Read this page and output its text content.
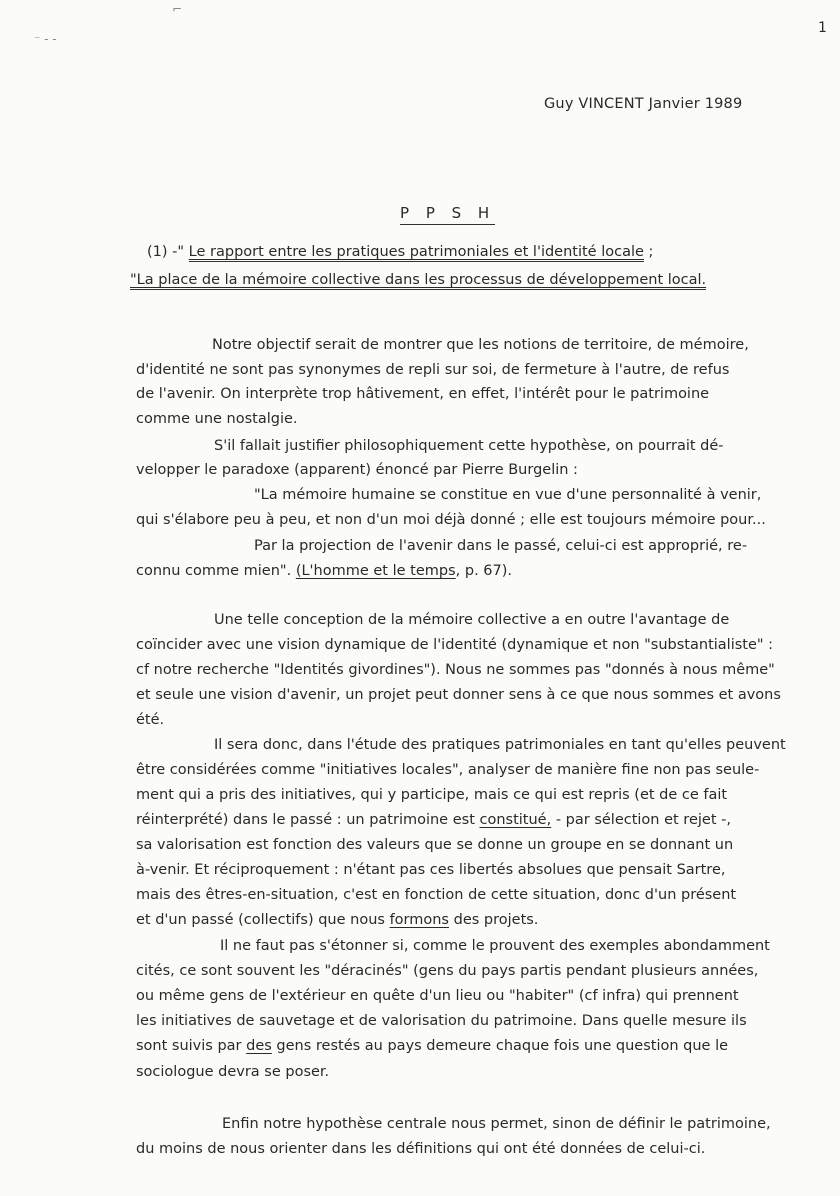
1
Guy VINCENT Janvier 1989
P P S H
(1) -" Le rapport entre les pratiques patrimoniales et l'identité locale ;
"La place de la mémoire collective dans les processus de développement local.
Notre objectif serait de montrer que les notions de territoire, de mémoire,
d'identité ne sont pas synonymes de repli sur soi, de fermeture à l'autre, de refus
de l'avenir. On interprète trop hâtivement, en effet, l'intérêt pour le patrimoine
comme une nostalgie.
S'il fallait justifier philosophiquement cette hypothèse, on pourrait dé-
velopper le paradoxe (apparent) énoncé par Pierre Burgelin :
"La mémoire humaine se constitue en vue d'une personnalité à venir,
qui s'élabore peu à peu, et non d'un moi déjà donné ; elle est toujours mémoire pour...
Par la projection de l'avenir dans le passé, celui-ci est approprié, re-
connu comme mien". (L'homme et le temps, p. 67).
Une telle conception de la mémoire collective a en outre l'avantage de
coïncider avec une vision dynamique de l'identité (dynamique et non "substantialiste" :
cf notre recherche "Identités givordines"). Nous ne sommes pas "donnés à nous même"
et seule une vision d'avenir, un projet peut donner sens à ce que nous sommes et avons
été.
Il sera donc, dans l'étude des pratiques patrimoniales en tant qu'elles peuvent
être considérées comme "initiatives locales", analyser de manière fine non pas seule-
ment qui a pris des initiatives, qui y participe, mais ce qui est repris (et de ce fait
réinterprété) dans le passé : un patrimoine est constitué, - par sélection et rejet -,
sa valorisation est fonction des valeurs que se donne un groupe en se donnant un
à-venir. Et réciproquement : n'étant pas ces libertés absolues que pensait Sartre,
mais des êtres-en-situation, c'est en fonction de cette situation, donc d'un présent
et d'un passé (collectifs) que nous formons des projets.
Il ne faut pas s'étonner si, comme le prouvent des exemples abondamment
cités, ce sont souvent les "déracinés" (gens du pays partis pendant plusieurs années,
ou même gens de l'extérieur en quête d'un lieu ou "habiter" (cf infra) qui prennent
les initiatives de sauvetage et de valorisation du patrimoine. Dans quelle mesure ils
sont suivis par des gens restés au pays demeure chaque fois une question que le
sociologue devra se poser.
Enfin notre hypothèse centrale nous permet, sinon de définir le patrimoine,
du moins de nous orienter dans les définitions qui ont été données de celui-ci.
⌐
⁻ ‐ ‐
